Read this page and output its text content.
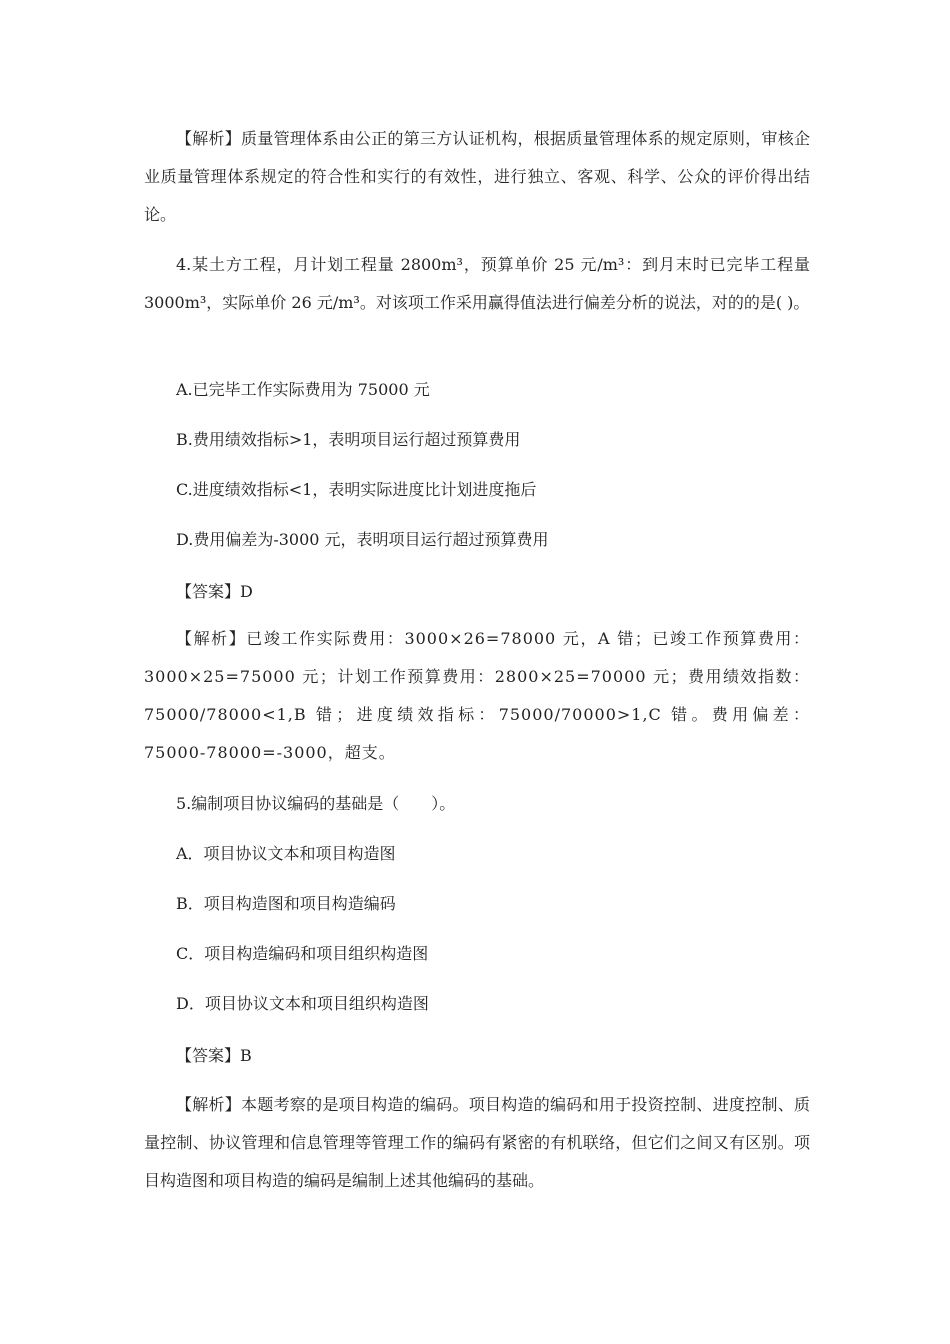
【解析】质量管理体系由公正的第三方认证机构，根据质量管理体系的规定原则，审核企业质量管理体系规定的符合性和实行的有效性，进行独立、客观、科学、公众的评价得出结论。

4.某土方工程，月计划工程量 2800m³，预算单价 25 元/m³：到月末时已完毕工程量 3000m³，实际单价 26 元/m³。对该项工作采用赢得值法进行偏差分析的说法，对的的是( )。

A.已完毕工作实际费用为 75000 元

B.费用绩效指标>1，表明项目运行超过预算费用

C.进度绩效指标<1，表明实际进度比计划进度拖后

D.费用偏差为-3000 元，表明项目运行超过预算费用

【答案】D

【解析】已竣工作实际费用：3000×26=78000 元，A 错；已竣工作预算费用：3000×25=75000 元；计划工作预算费用：2800×25=70000 元；费用绩效指数：75000/78000<1,B 错；进度绩效指标：75000/70000>1,C 错。费用偏差：75000-78000=-3000，超支。

5.编制项目协议编码的基础是（　　）。

A．项目协议文本和项目构造图

B．项目构造图和项目构造编码

C．项目构造编码和项目组织构造图

D．项目协议文本和项目组织构造图

【答案】B

【解析】本题考察的是项目构造的编码。项目构造的编码和用于投资控制、进度控制、质量控制、协议管理和信息管理等管理工作的编码有紧密的有机联络，但它们之间又有区别。项目构造图和项目构造的编码是编制上述其他编码的基础。
